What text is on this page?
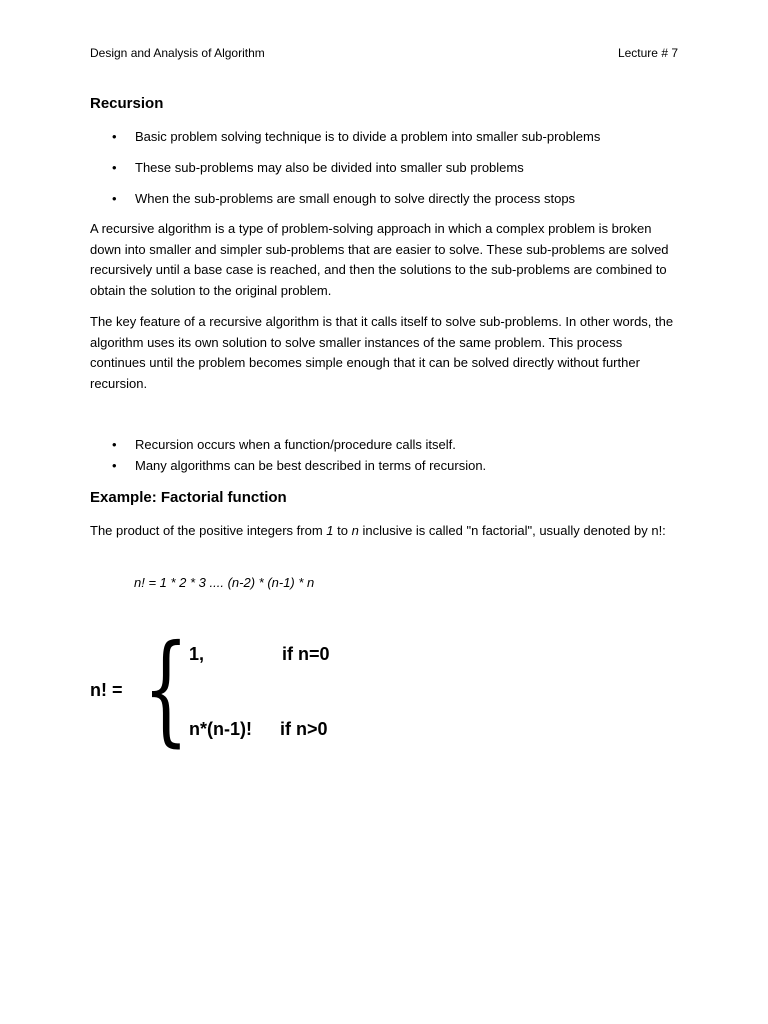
Design and Analysis of Algorithm	Lecture # 7
Recursion
• Basic problem solving technique is to divide a problem into smaller sub-problems
• These sub-problems may also be divided into smaller sub problems
• When the sub-problems are small enough to solve directly the process stops

A recursive algorithm is a type of problem-solving approach in which a complex problem is broken down into smaller and simpler sub-problems that are easier to solve. These sub-problems are solved recursively until a base case is reached, and then the solutions to the sub-problems are combined to obtain the solution to the original problem.

The key feature of a recursive algorithm is that it calls itself to solve sub-problems. In other words, the algorithm uses its own solution to solve smaller instances of the same problem. This process continues until the problem becomes simple enough that it can be solved directly without further recursion.

• Recursion occurs when a function/procedure calls itself.
• Many algorithms can be best described in terms of recursion.
Example: Factorial function

The product of the positive integers from 1 to n inclusive is called "n factorial", usually denoted by n!:

n! = 1 * 2 * 3 .... (n-2) * (n-1) * n
n! = { 1,	if n=0
n*(n-1)! if n>0
